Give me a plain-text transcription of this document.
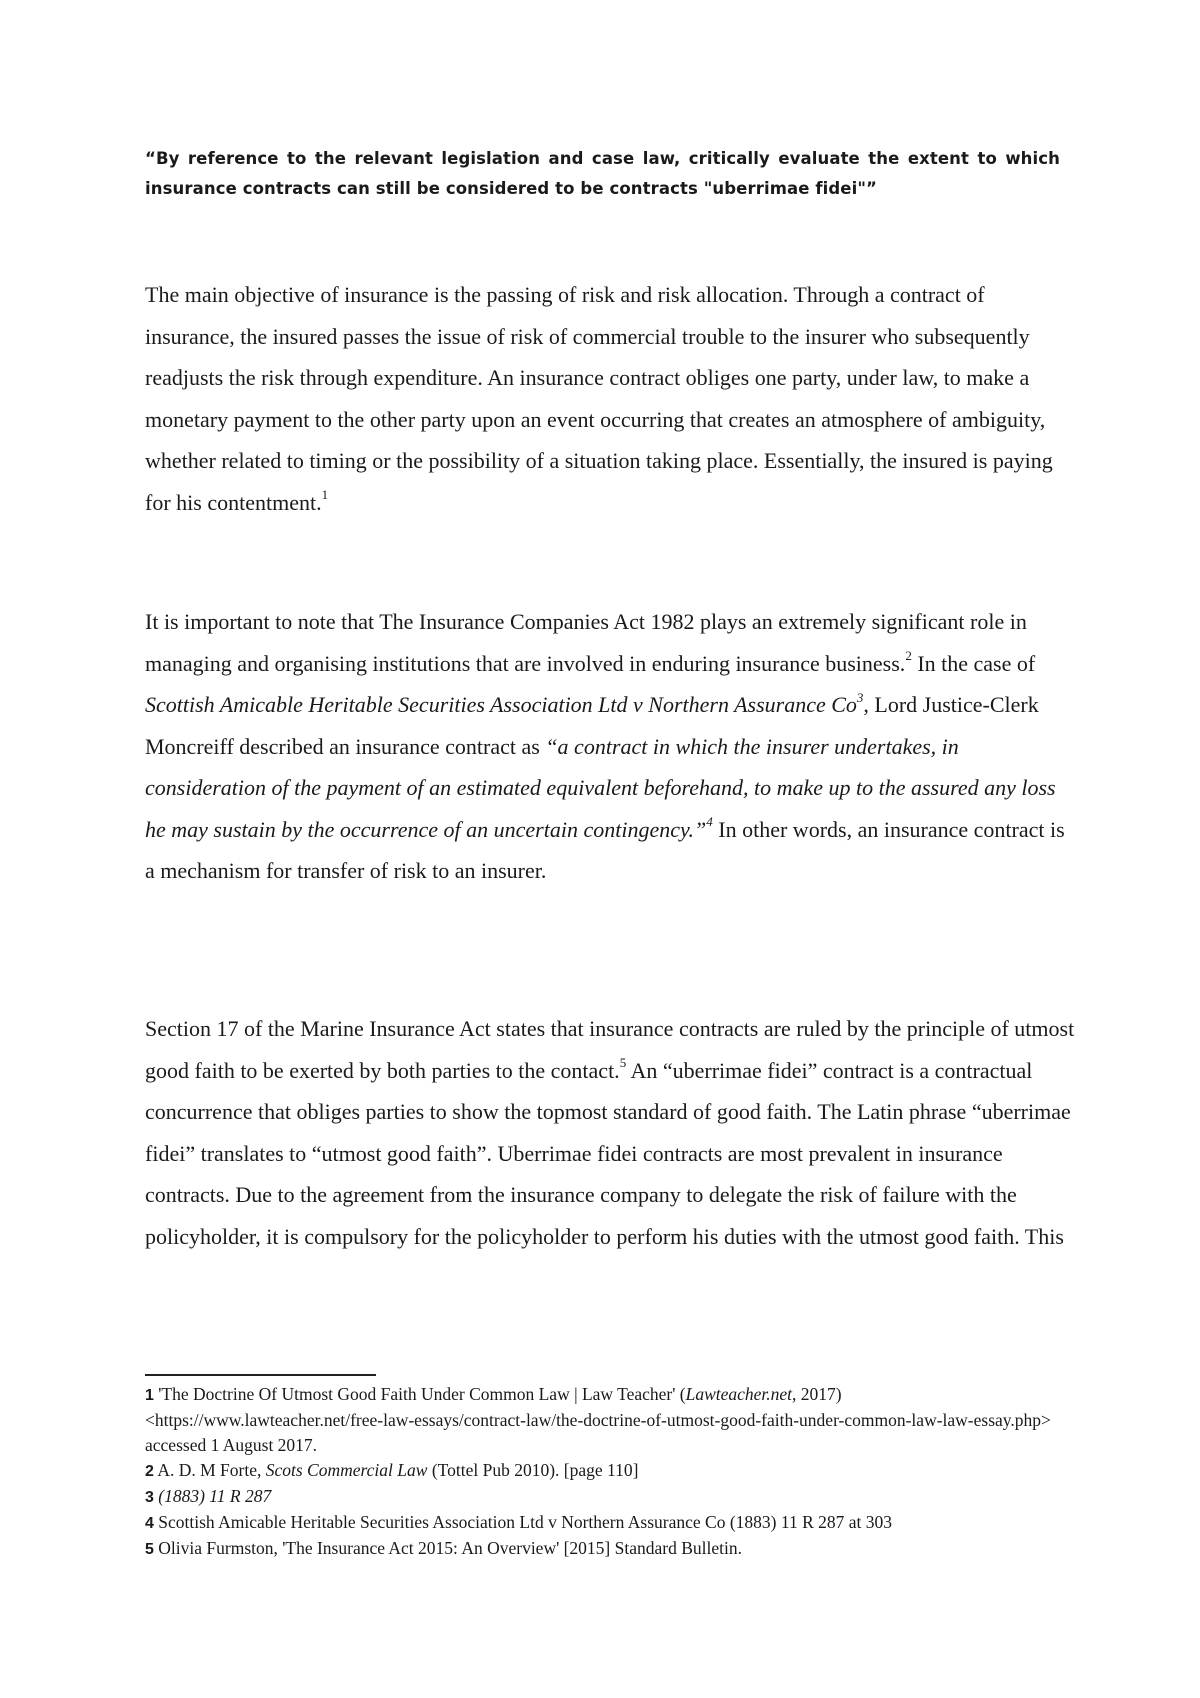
“By reference to the relevant legislation and case law, critically evaluate the extent to which insurance contracts can still be considered to be contracts "uberrimae fidei"”
The main objective of insurance is the passing of risk and risk allocation. Through a contract of insurance, the insured passes the issue of risk of commercial trouble to the insurer who subsequently readjusts the risk through expenditure. An insurance contract obliges one party, under law, to make a monetary payment to the other party upon an event occurring that creates an atmosphere of ambiguity, whether related to timing or the possibility of a situation taking place. Essentially, the insured is paying for his contentment.$^1$
It is important to note that The Insurance Companies Act 1982 plays an extremely significant role in managing and organising institutions that are involved in enduring insurance business.$^2$ In the case of Scottish Amicable Heritable Securities Association Ltd v Northern Assurance Co$^3$, Lord Justice-Clerk Moncreiff described an insurance contract as “a contract in which the insurer undertakes, in consideration of the payment of an estimated equivalent beforehand, to make up to the assured any loss he may sustain by the occurrence of an uncertain contingency.”$^4$ In other words, an insurance contract is a mechanism for transfer of risk to an insurer.
Section 17 of the Marine Insurance Act states that insurance contracts are ruled by the principle of utmost good faith to be exerted by both parties to the contact.$^5$ An “uberrimae fidei” contract is a contractual concurrence that obliges parties to show the topmost standard of good faith. The Latin phrase “uberrimae fidei” translates to “utmost good faith”. Uberrimae fidei contracts are most prevalent in insurance contracts. Due to the agreement from the insurance company to delegate the risk of failure with the policyholder, it is compulsory for the policyholder to perform his duties with the utmost good faith. This

1 'The Doctrine Of Utmost Good Faith Under Common Law | Law Teacher' (Lawteacher.net, 2017) <https://www.lawteacher.net/free-law-essays/contract-law/the-doctrine-of-utmost-good-faith-under-common-law-law-essay.php> accessed 1 August 2017.

2 A. D. M Forte, Scots Commercial Law (Tottel Pub 2010). [page 110]

3 (1883) 11 R 287

4 Scottish Amicable Heritable Securities Association Ltd v Northern Assurance Co (1883) 11 R 287 at 303

5 Olivia Furmston, 'The Insurance Act 2015: An Overview' [2015] Standard Bulletin.
